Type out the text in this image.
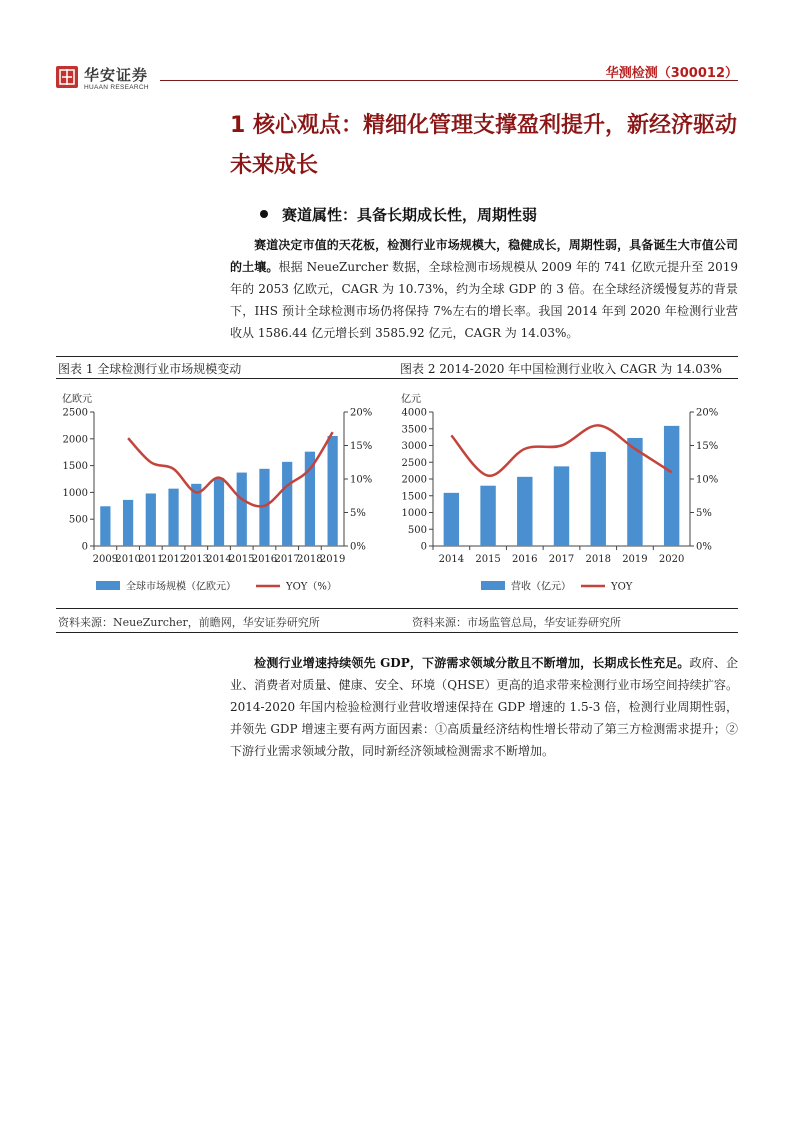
华安证券
HUAAN RESEARCH
华测检测（300012）
1 核心观点：精细化管理支撑盈利提升，新经济驱动未来成长
赛道属性：具备长期成长性，周期性弱
赛道决定市值的天花板，检测行业市场规模大，稳健成长，周期性弱，具备诞生大市值公司的土壤。根据 NeueZurcher 数据，全球检测市场规模从 2009 年的 741 亿欧元提升至 2019 年的 2053 亿欧元，CAGR 为 10.73%，约为全球 GDP 的 3 倍。在全球经济缓慢复苏的背景下，IHS 预计全球检测市场仍将保持 7%左右的增长率。我国 2014 年到 2020 年检测行业营收从 1586.44 亿元增长到 3585.92 亿元，CAGR 为 14.03%。
图表 1 全球检测行业市场规模变动	图表 2 2014-2020 年中国检测行业收入 CAGR 为 14.03%
亿欧元
0
500
1000
1500
2000
2500
0%
5%
10%
15%
20%
2009
2010
2011
2012
2013
2014
2015
2016
2017
2018
2019
全球市场规模（亿欧元）	YOY（%）
亿元
0
500
1000
1500
2000
2500
3000
3500
4000
0%
5%
10%
15%
20%
2014 2015 2016 2017 2018 2019 2020
营收（亿元）	YOY
资料来源：NeueZurcher，前瞻网，华安证券研究所	资料来源：市场监管总局，华安证券研究所
检测行业增速持续领先 GDP，下游需求领域分散且不断增加，长期成长性充足。政府、企业、消费者对质量、健康、安全、环境（QHSE）更高的追求带来检测行业市场空间持续扩容。2014-2020 年国内检验检测行业营收增速保持在 GDP 增速的 1.5-3 倍，检测行业周期性弱，并领先 GDP 增速主要有两方面因素：①高质量经济结构性增长带动了第三方检测需求提升；②下游行业需求领域分散，同时新经济领域检测需求不断增加。
